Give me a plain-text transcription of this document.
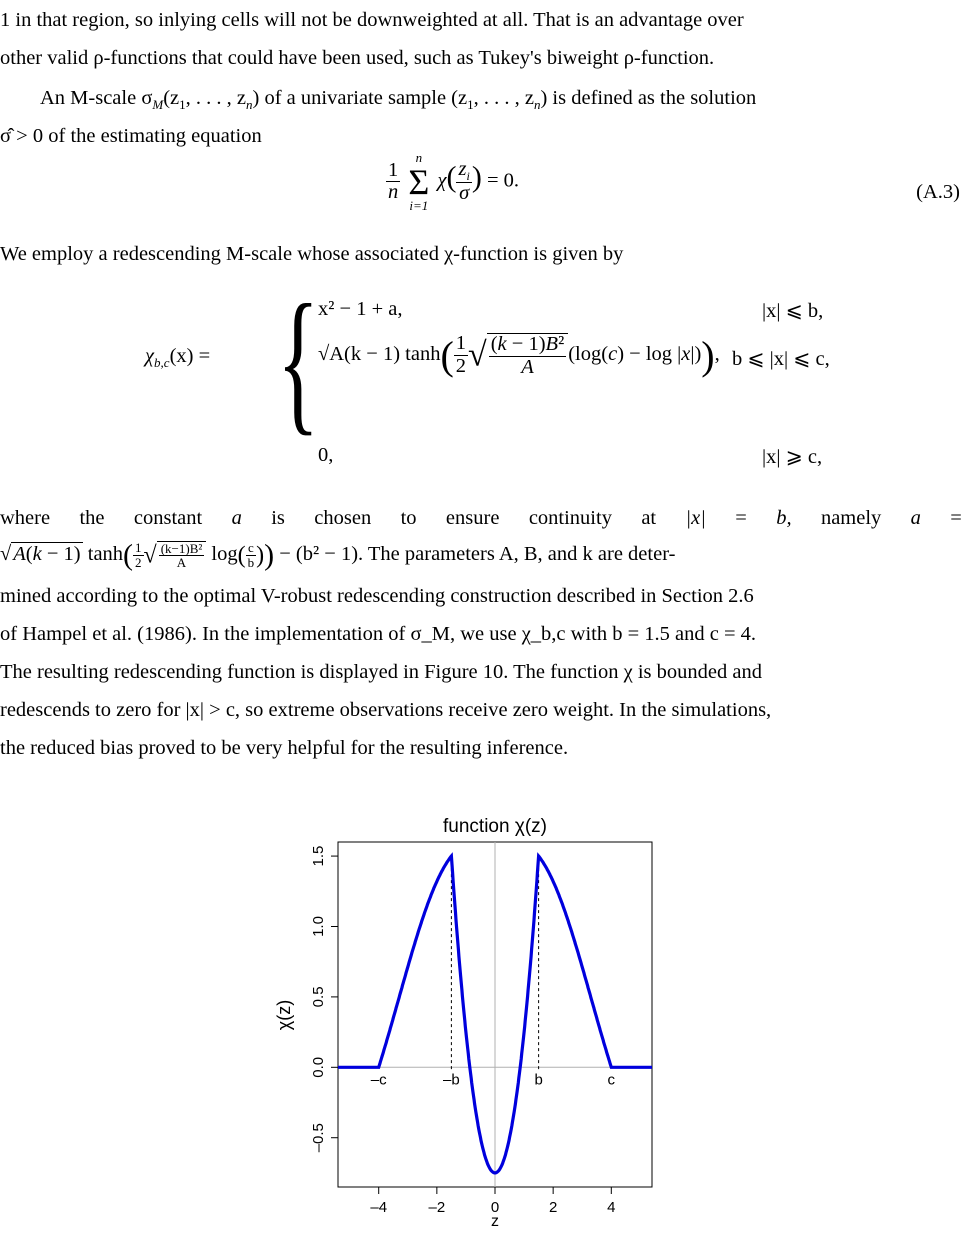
1 in that region, so inlying cells will not be downweighted at all. That is an advantage over
other valid ρ-functions that could have been used, such as Tukey's biweight ρ-function.
An M-scale $\sigma_M(z_1$, . . . , $z_n$) of a univariate sample ($z_1$, . . . , $z_n$) is defined as the solution
σ̂ > 0 of the estimating equation
$\frac{1}{n}$

n
Σ
i=1
$\chi( \frac{z_i}{\sigma}$ ) = 0.
(A.3)
We employ a redescending M-scale whose associated χ-function is given by
$\chi_{b,c}(x)$ = {
x² − 1 + a,	|x| ⩽ b,
√A(k − 1) $\tanh( \frac{1}{2}$ √ $\frac{\text{(k − 1)B²}}{A} (\log(c) - \log |x|)$), b ⩽ |x| ⩽ c,
0,	|x| ⩾ c,
where the constant a is chosen to ensure continuity at |x| = b, namely a =
√A(k − 1) $\tanh( \frac{1}{2}$ √ $\frac{\text{(k−1)B²}}{A} \log( \frac{c}{b}$ )) − (b² − 1). The parameters A, B, and k are deter-
mined according to the optimal V-robust redescending construction described in Section 2.6
of Hampel et al. (1986). In the implementation of σ_M, we use χ_b,c with b = 1.5 and c = 4.
The resulting redescending function is displayed in Figure 10. The function χ is bounded and
redescends to zero for |x| > c, so extreme observations receive zero weight. In the simulations,
the reduced bias proved to be very helpful for the resulting inference.
function χ(z)
–4	–2	0	2	4
–0.5
0.0
0.5
1.0
1.5
–c	–b	b	c
z
χ(z)
